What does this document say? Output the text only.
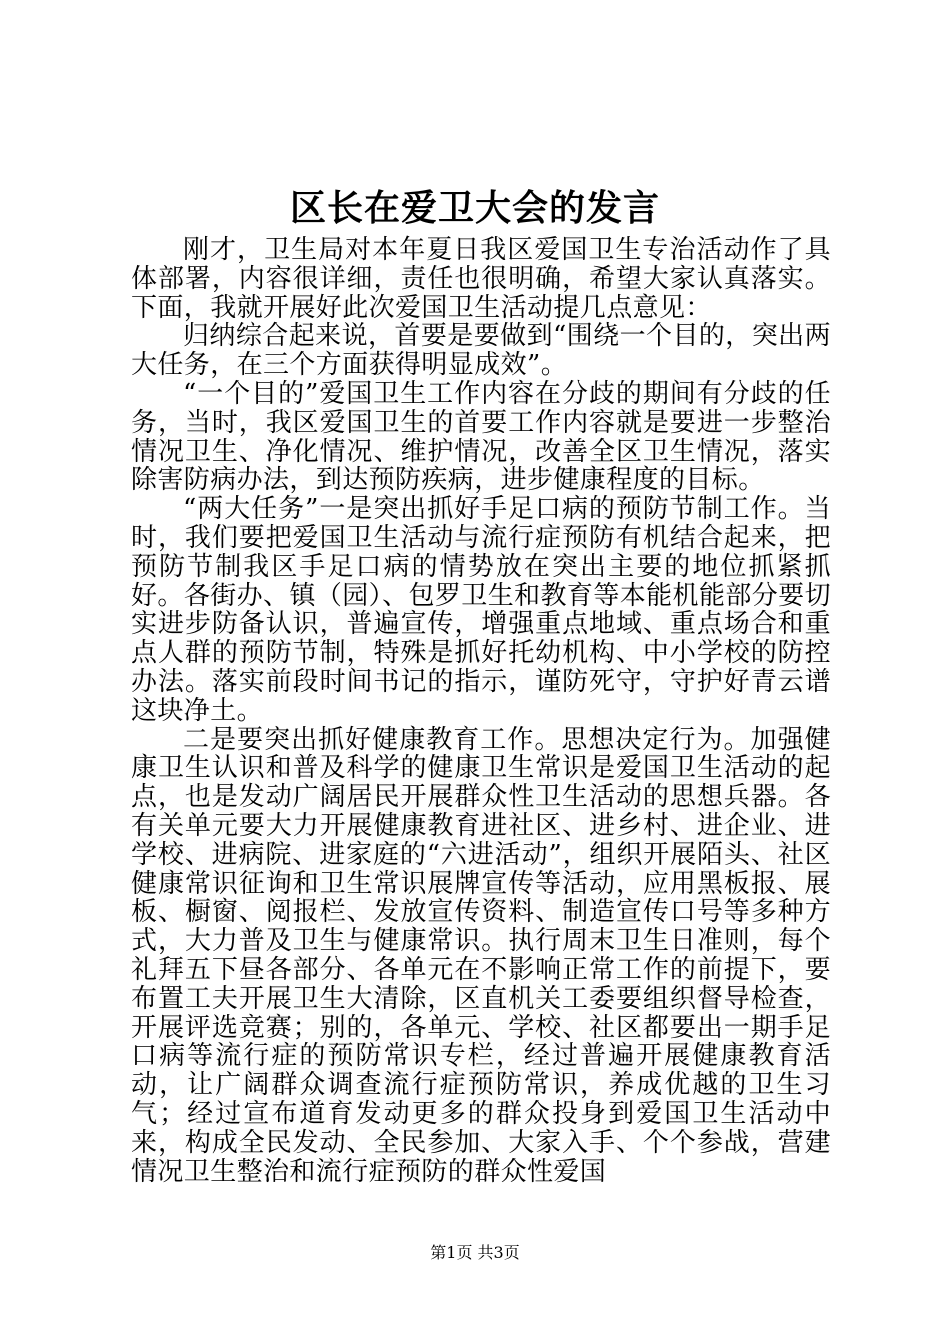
区长在爱卫大会的发言

刚才，卫生局对本年夏日我区爱国卫生专治活动作了具体部署，内容很详细，责任也很明确，希望大家认真落实。下面，我就开展好此次爱国卫生活动提几点意见：

归纳综合起来说，首要是要做到“围绕一个目的，突出两大任务，在三个方面获得明显成效”。

“一个目的”爱国卫生工作内容在分歧的期间有分歧的任务，当时，我区爱国卫生的首要工作内容就是要进一步整治情况卫生、净化情况、维护情况，改善全区卫生情况，落实除害防病办法，到达预防疾病，进步健康程度的目标。

“两大任务”一是突出抓好手足口病的预防节制工作。当时，我们要把爱国卫生活动与流行症预防有机结合起来，把预防节制我区手足口病的情势放在突出主要的地位抓紧抓好。各街办、镇（园）、包罗卫生和教育等本能机能部分要切实进步防备认识，普遍宣传，增强重点地域、重点场合和重点人群的预防节制，特殊是抓好托幼机构、中小学校的防控办法。落实前段时间书记的指示，谨防死守，守护好青云谱这块净土。

二是要突出抓好健康教育工作。思想决定行为。加强健康卫生认识和普及科学的健康卫生常识是爱国卫生活动的起点，也是发动广阔居民开展群众性卫生活动的思想兵器。各有关单元要大力开展健康教育进社区、进乡村、进企业、进学校、进病院、进家庭的“六进活动”，组织开展陌头、社区健康常识征询和卫生常识展牌宣传等活动，应用黑板报、展板、橱窗、阅报栏、发放宣传资料、制造宣传口号等多种方式，大力普及卫生与健康常识。执行周末卫生日准则，每个礼拜五下昼各部分、各单元在不影响正常工作的前提下，要布置工夫开展卫生大清除，区直机关工委要组织督导检查，开展评选竞赛；别的，各单元、学校、社区都要出一期手足口病等流行症的预防常识专栏，经过普遍开展健康教育活动，让广阔群众调查流行症预防常识，养成优越的卫生习气；经过宣布道育发动更多的群众投身到爱国卫生活动中来，构成全民发动、全民参加、大家入手、个个参战，营建情况卫生整治和流行症预防的群众性爱国

第1页 共3页
